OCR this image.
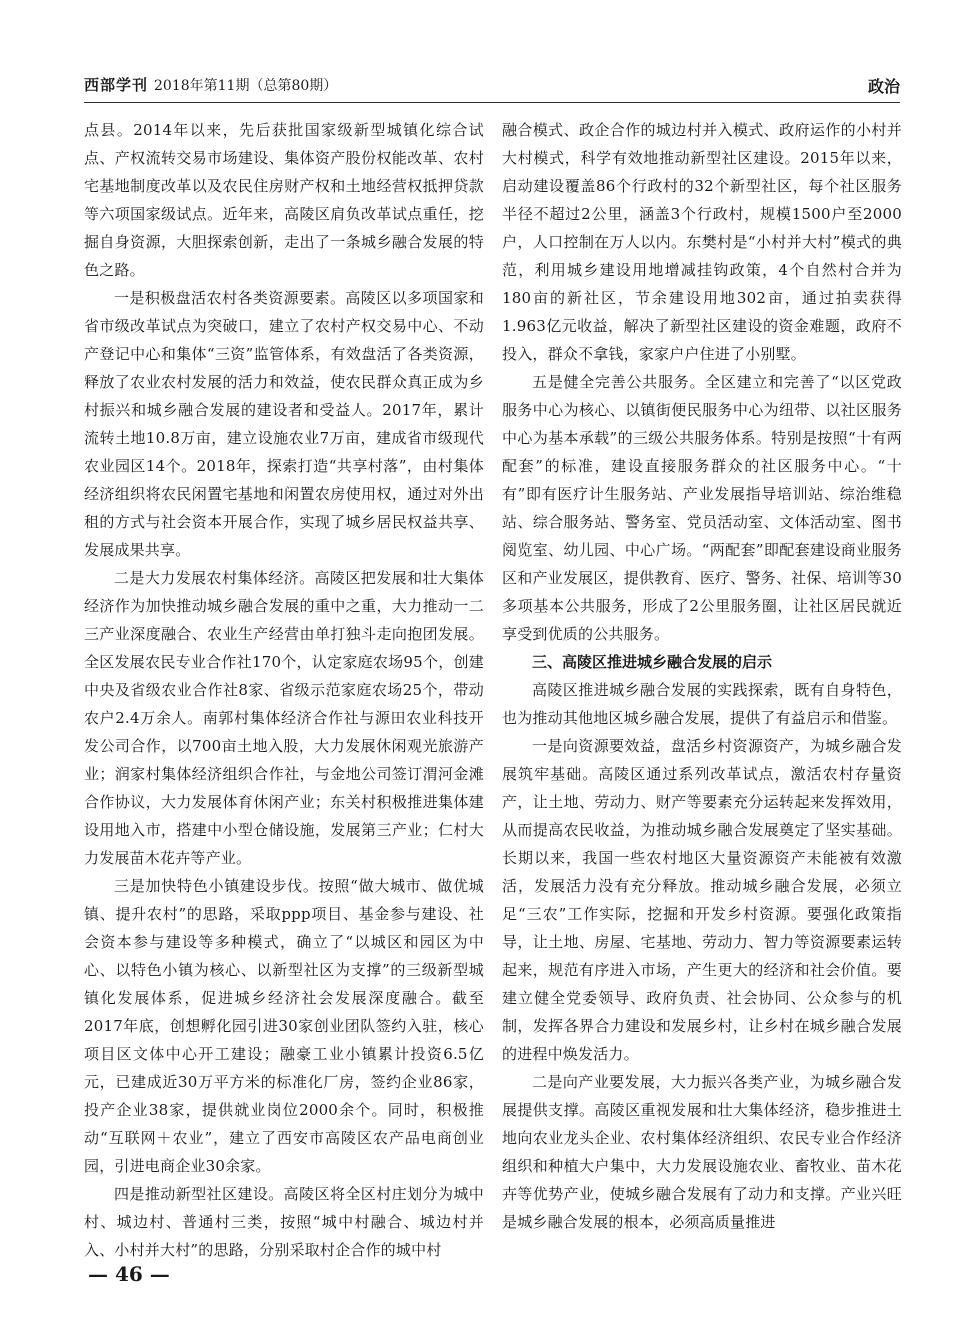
西部学刊 2018年第11期（总第80期）	政治

点县。2014年以来，先后获批国家级新型城镇化综合试点、产权流转交易市场建设、集体资产股份权能改革、农村宅基地制度改革以及农民住房财产权和土地经营权抵押贷款等六项国家级试点。近年来，高陵区肩负改革试点重任，挖掘自身资源，大胆探索创新，走出了一条城乡融合发展的特色之路。

一是积极盘活农村各类资源要素。高陵区以多项国家和省市级改革试点为突破口，建立了农村产权交易中心、不动产登记中心和集体“三资”监管体系，有效盘活了各类资源，释放了农业农村发展的活力和效益，使农民群众真正成为乡村振兴和城乡融合发展的建设者和受益人。2017年，累计流转土地10.8万亩，建立设施农业7万亩，建成省市级现代农业园区14个。2018年，探索打造“共享村落”，由村集体经济组织将农民闲置宅基地和闲置农房使用权，通过对外出租的方式与社会资本开展合作，实现了城乡居民权益共享、发展成果共享。

二是大力发展农村集体经济。高陵区把发展和壮大集体经济作为加快推动城乡融合发展的重中之重，大力推动一二三产业深度融合、农业生产经营由单打独斗走向抱团发展。全区发展农民专业合作社170个，认定家庭农场95个，创建中央及省级农业合作社8家、省级示范家庭农场25个，带动农户2.4万余人。南郭村集体经济合作社与源田农业科技开发公司合作，以700亩土地入股，大力发展休闲观光旅游产业；润家村集体经济组织合作社，与金地公司签订渭河金滩合作协议，大力发展体育休闲产业；东关村积极推进集体建设用地入市，搭建中小型仓储设施，发展第三产业；仁村大力发展苗木花卉等产业。

三是加快特色小镇建设步伐。按照“做大城市、做优城镇、提升农村”的思路，采取ppp项目、基金参与建设、社会资本参与建设等多种模式，确立了“以城区和园区为中心、以特色小镇为核心、以新型社区为支撑”的三级新型城镇化发展体系，促进城乡经济社会发展深度融合。截至2017年底，创想孵化园引进30家创业团队签约入驻，核心项目区文体中心开工建设；融豪工业小镇累计投资6.5亿元，已建成近30万平方米的标准化厂房，签约企业86家，投产企业38家，提供就业岗位2000余个。同时，积极推动“互联网＋农业”，建立了西安市高陵区农产品电商创业园，引进电商企业30余家。

四是推动新型社区建设。高陵区将全区村庄划分为城中村、城边村、普通村三类，按照“城中村融合、城边村并入、小村并大村”的思路，分别采取村企合作的城中村

融合模式、政企合作的城边村并入模式、政府运作的小村并大村模式，科学有效地推动新型社区建设。2015年以来，启动建设覆盖86个行政村的32个新型社区，每个社区服务半径不超过2公里，涵盖3个行政村，规模1500户至2000户，人口控制在万人以内。东樊村是“小村并大村”模式的典范，利用城乡建设用地增减挂钩政策，4个自然村合并为180亩的新社区，节余建设用地302亩，通过拍卖获得1.963亿元收益，解决了新型社区建设的资金难题，政府不投入，群众不拿钱，家家户户住进了小别墅。

五是健全完善公共服务。全区建立和完善了“以区党政服务中心为核心、以镇街便民服务中心为纽带、以社区服务中心为基本承载”的三级公共服务体系。特别是按照“十有两配套”的标准，建设直接服务群众的社区服务中心。“十有”即有医疗计生服务站、产业发展指导培训站、综治维稳站、综合服务站、警务室、党员活动室、文体活动室、图书阅览室、幼儿园、中心广场。“两配套”即配套建设商业服务区和产业发展区，提供教育、医疗、警务、社保、培训等30多项基本公共服务，形成了2公里服务圈，让社区居民就近享受到优质的公共服务。

三、高陵区推进城乡融合发展的启示

高陵区推进城乡融合发展的实践探索，既有自身特色，也为推动其他地区城乡融合发展，提供了有益启示和借鉴。

一是向资源要效益，盘活乡村资源资产，为城乡融合发展筑牢基础。高陵区通过系列改革试点，激活农村存量资产，让土地、劳动力、财产等要素充分运转起来发挥效用，从而提高农民收益，为推动城乡融合发展奠定了坚实基础。长期以来，我国一些农村地区大量资源资产未能被有效激活，发展活力没有充分释放。推动城乡融合发展，必须立足“三农”工作实际，挖掘和开发乡村资源。要强化政策指导，让土地、房屋、宅基地、劳动力、智力等资源要素运转起来，规范有序进入市场，产生更大的经济和社会价值。要建立健全党委领导、政府负责、社会协同、公众参与的机制，发挥各界合力建设和发展乡村，让乡村在城乡融合发展的进程中焕发活力。

二是向产业要发展，大力振兴各类产业，为城乡融合发展提供支撑。高陵区重视发展和壮大集体经济，稳步推进土地向农业龙头企业、农村集体经济组织、农民专业合作经济组织和种植大户集中，大力发展设施农业、畜牧业、苗木花卉等优势产业，使城乡融合发展有了动力和支撑。产业兴旺是城乡融合发展的根本，必须高质量推进

— 46 —
